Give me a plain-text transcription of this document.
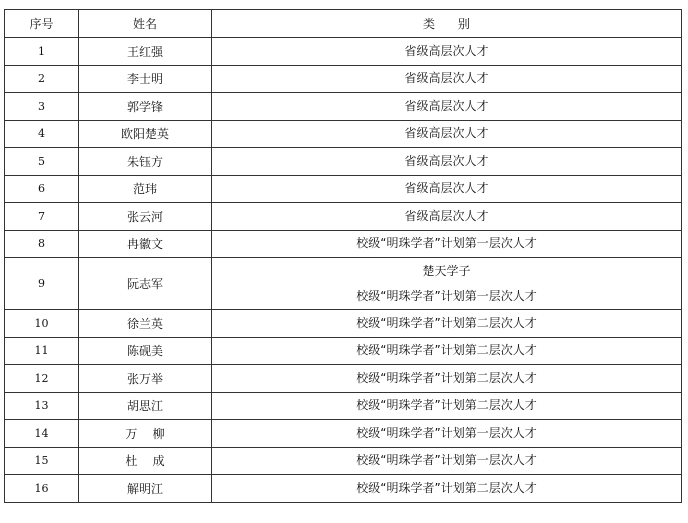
序号	姓名	类      别
1	王红强	省级高层次人才

2	李士明	省级高层次人才

3	郭学锋	省级高层次人才

4	欧阳楚英	省级高层次人才

5	朱钰方	省级高层次人才

6	范玮	省级高层次人才

7	张云河	省级高层次人才

8	冉徽文	校级“明珠学者”计划第一层次人才

9	阮志军	楚天学子
校级“明珠学者”计划第一层次人才

10	徐兰英	校级“明珠学者”计划第二层次人才

11	陈砚美	校级“明珠学者”计划第二层次人才

12	张万举	校级“明珠学者”计划第二层次人才

13	胡思江	校级“明珠学者”计划第二层次人才

14	万    柳	校级“明珠学者”计划第一层次人才

15	杜    成	校级“明珠学者”计划第一层次人才

16	解明江	校级“明珠学者”计划第二层次人才
